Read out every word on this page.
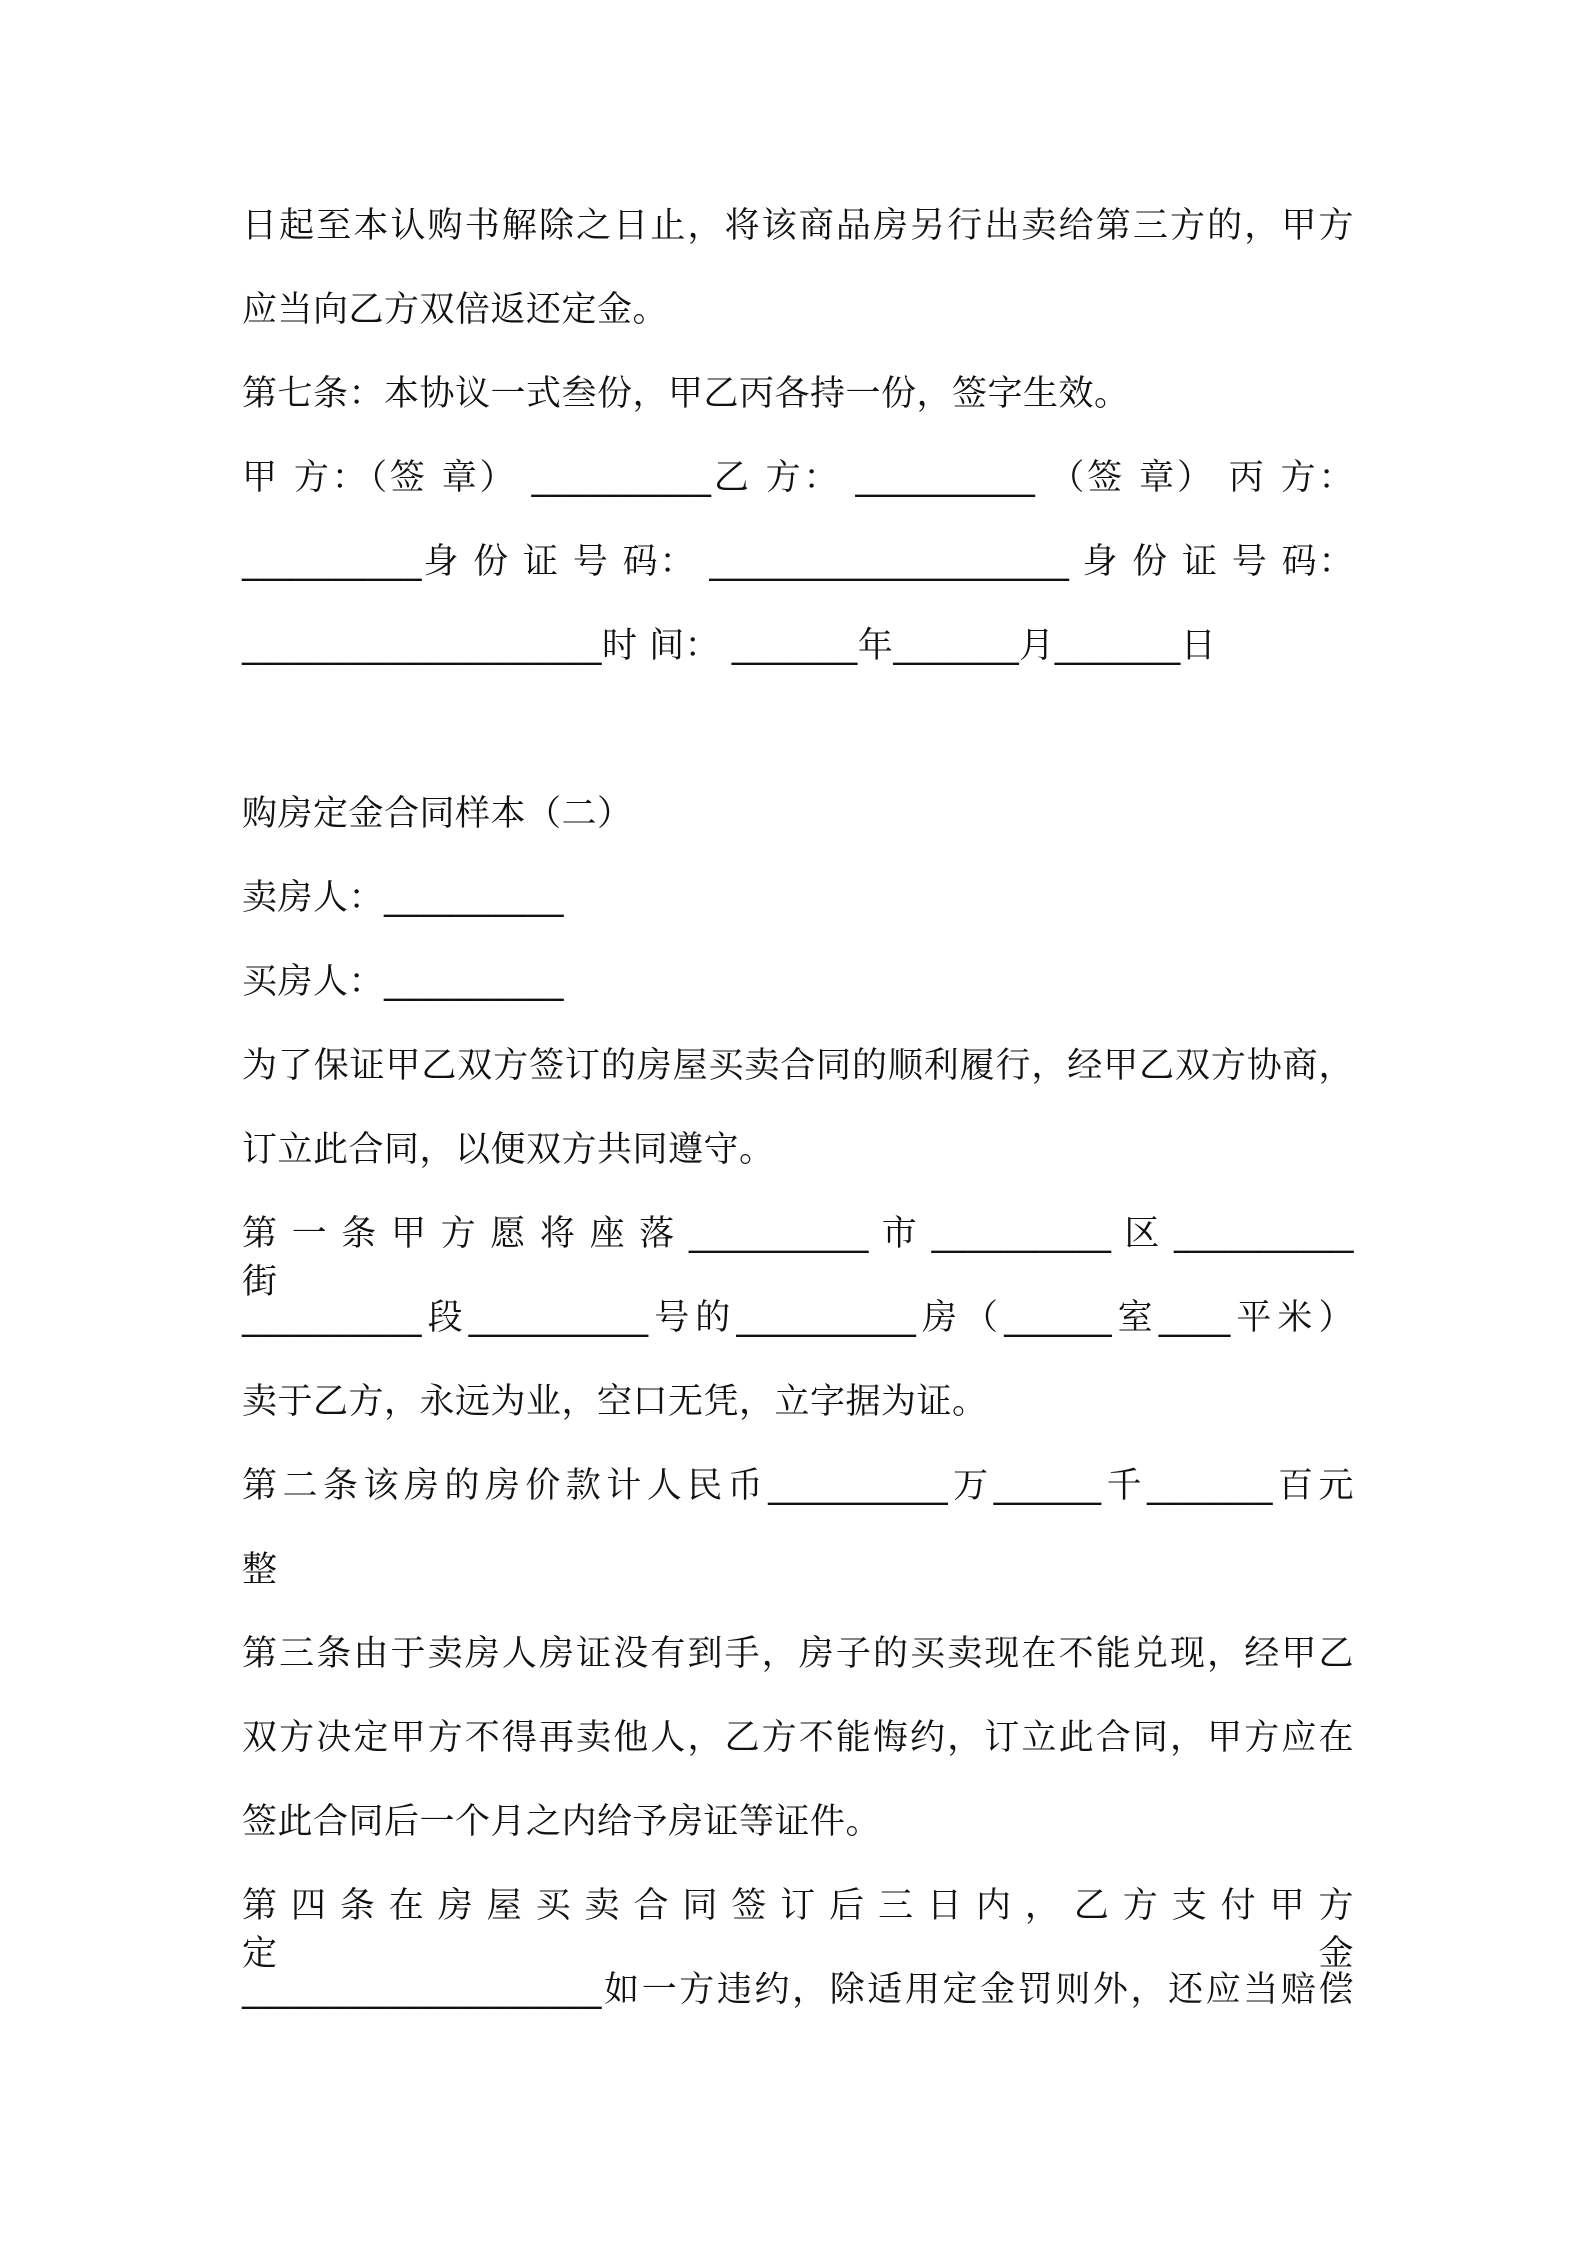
日起至本认购书解除之日止，将该商品房另行出卖给第三方的，甲方
应当向乙方双倍返还定金。
第七条：本协议一式叁份，甲乙丙各持一份，签字生效。
甲 方：（签 章） __________乙 方： __________ （签 章） 丙 方：
__________身 份 证 号 码： ____________________ 身 份 证 号 码：
____________________时 间： _______年_______月_______日
购房定金合同样本（二）
卖房人：__________
买房人：__________
为了保证甲乙双方签订的房屋买卖合同的顺利履行，经甲乙双方协商，
订立此合同，以便双方共同遵守。
第 一 条 甲 方 愿 将 座 落 __________ 市 __________ 区 __________ 街
__________段__________号的__________房（______室____平米）
卖于乙方，永远为业，空口无凭，立字据为证。
第二条该房的房价款计人民币__________万______千_______百元
整
第三条由于卖房人房证没有到手，房子的买卖现在不能兑现，经甲乙
双方决定甲方不得再卖他人，乙方不能悔约，订立此合同，甲方应在
签此合同后一个月之内给予房证等证件。
第 四 条 在 房 屋 买 卖 合 同 签 订 后 三 日 内 ， 乙 方 支 付 甲 方 定 金
____________________如一方违约，除适用定金罚则外，还应当赔偿
